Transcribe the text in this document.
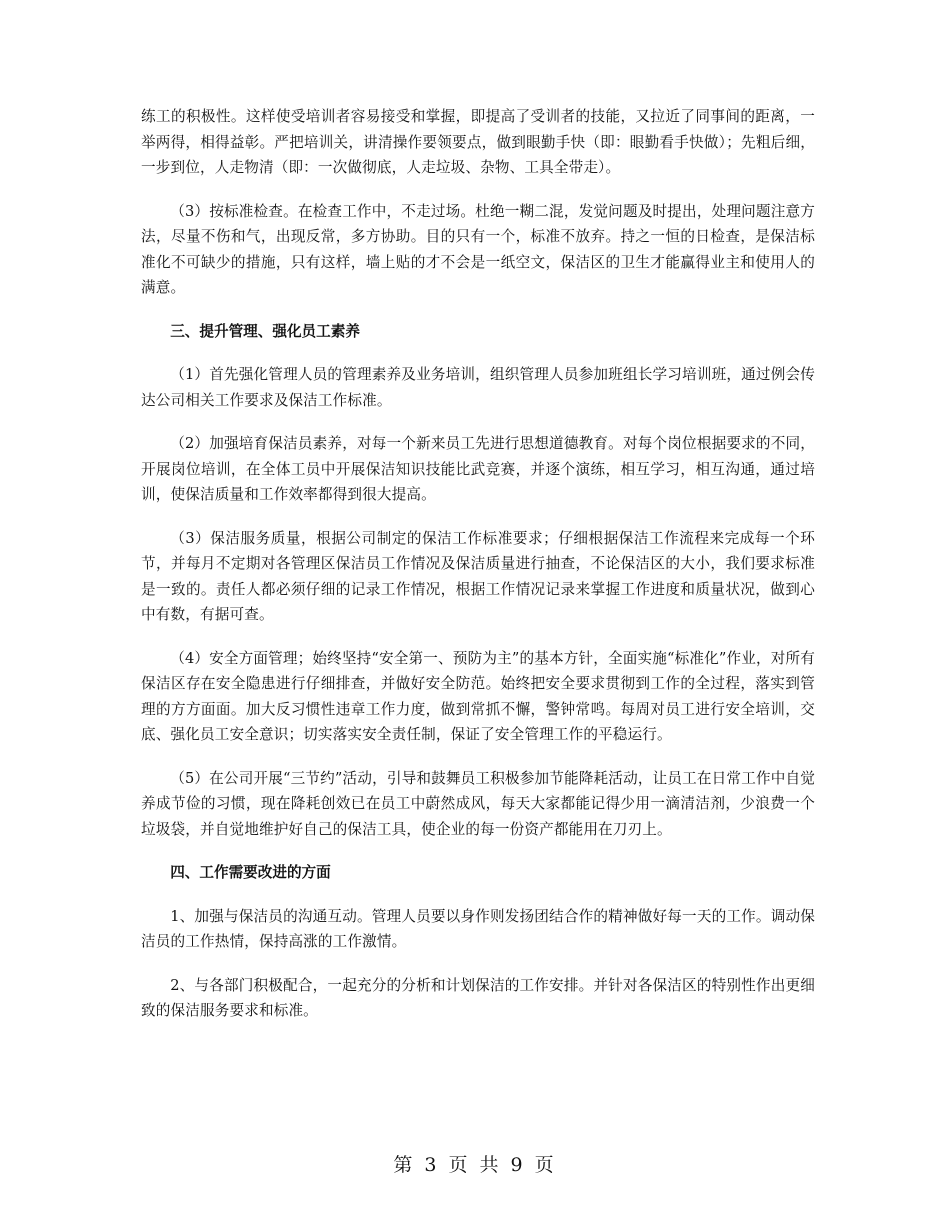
练工的积极性。这样使受培训者容易接受和掌握，即提高了受训者的技能，又拉近了同事间的距离，一举两得，相得益彰。严把培训关，讲清操作要领要点，做到眼勤手快（即：眼勤看手快做）；先粗后细，一步到位，人走物清（即：一次做彻底，人走垃圾、杂物、工具全带走）。

（3）按标准检查。在检查工作中，不走过场。杜绝一糊二混，发觉问题及时提出，处理问题注意方法，尽量不伤和气，出现反常，多方协助。目的只有一个，标准不放弃。持之一恒的日检查，是保洁标准化不可缺少的措施，只有这样，墙上贴的才不会是一纸空文，保洁区的卫生才能赢得业主和使用人的满意。

三、提升管理、强化员工素养

（1）首先强化管理人员的管理素养及业务培训，组织管理人员参加班组长学习培训班，通过例会传达公司相关工作要求及保洁工作标准。

（2）加强培育保洁员素养，对每一个新来员工先进行思想道德教育。对每个岗位根据要求的不同，开展岗位培训，在全体工员中开展保洁知识技能比武竞赛，并逐个演练，相互学习，相互沟通，通过培训，使保洁质量和工作效率都得到很大提高。

（3）保洁服务质量，根据公司制定的保洁工作标准要求；仔细根据保洁工作流程来完成每一个环节，并每月不定期对各管理区保洁员工作情况及保洁质量进行抽查，不论保洁区的大小，我们要求标准是一致的。责任人都必须仔细的记录工作情况，根据工作情况记录来掌握工作进度和质量状况，做到心中有数，有据可查。

（4）安全方面管理；始终坚持“安全第一、预防为主”的基本方针，全面实施“标准化”作业，对所有保洁区存在安全隐患进行仔细排查，并做好安全防范。始终把安全要求贯彻到工作的全过程，落实到管理的方方面面。加大反习惯性违章工作力度，做到常抓不懈，警钟常鸣。每周对员工进行安全培训，交底、强化员工安全意识；切实落实安全责任制，保证了安全管理工作的平稳运行。

（5）在公司开展“三节约”活动，引导和鼓舞员工积极参加节能降耗活动，让员工在日常工作中自觉养成节俭的习惯，现在降耗创效已在员工中蔚然成风，每天大家都能记得少用一滴清洁剂，少浪费一个垃圾袋，并自觉地维护好自己的保洁工具，使企业的每一份资产都能用在刀刃上。

四、工作需要改进的方面

1、加强与保洁员的沟通互动。管理人员要以身作则发扬团结合作的精神做好每一天的工作。调动保洁员的工作热情，保持高涨的工作激情。

2、与各部门积极配合，一起充分的分析和计划保洁的工作安排。并针对各保洁区的特别性作出更细致的保洁服务要求和标准。

第 3 页 共 9 页
